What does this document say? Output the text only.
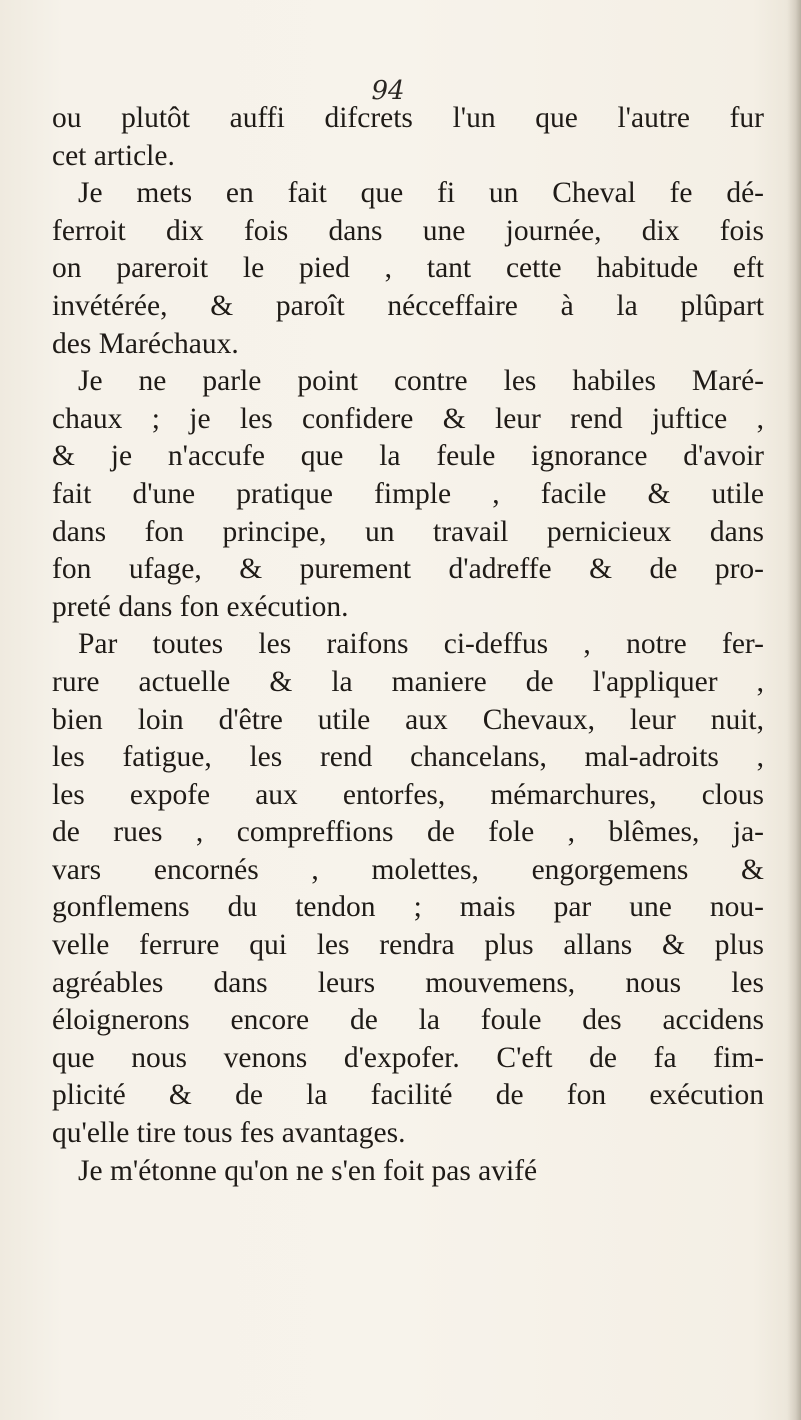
94

ou plutôt auffi difcrets l'un que l'autre fur
cet article.
Je mets en fait que fi un Cheval fe dé-
ferroit dix fois dans une journée, dix fois
on pareroit le pied , tant cette habitude eft
invétérée, & paroît nécceffaire à la plûpart
des Maréchaux.
Je ne parle point contre les habiles Maré-
chaux ; je les confidere & leur rend juftice ,
& je n'accufe que la feule ignorance d'avoir
fait d'une pratique fimple , facile & utile
dans fon principe, un travail pernicieux dans
fon ufage, & purement d'adreffe & de pro-
preté dans fon exécution.
Par toutes les raifons ci-deffus , notre fer-
rure actuelle & la maniere de l'appliquer ,
bien loin d'être utile aux Chevaux, leur nuit,
les fatigue, les rend chancelans, mal-adroits ,
les expofe aux entorfes, mémarchures, clous
de rues , compreffions de fole , blêmes, ja-
vars encornés , molettes, engorgemens &
gonflemens du tendon ; mais par une nou-
velle ferrure qui les rendra plus allans & plus
agréables dans leurs mouvemens, nous les
éloignerons encore de la foule des accidens
que nous venons d'expofer. C'eft de fa fim-
plicité & de la facilité de fon exécution
qu'elle tire tous fes avantages.
Je m'étonne qu'on ne s'en foit pas avifé
